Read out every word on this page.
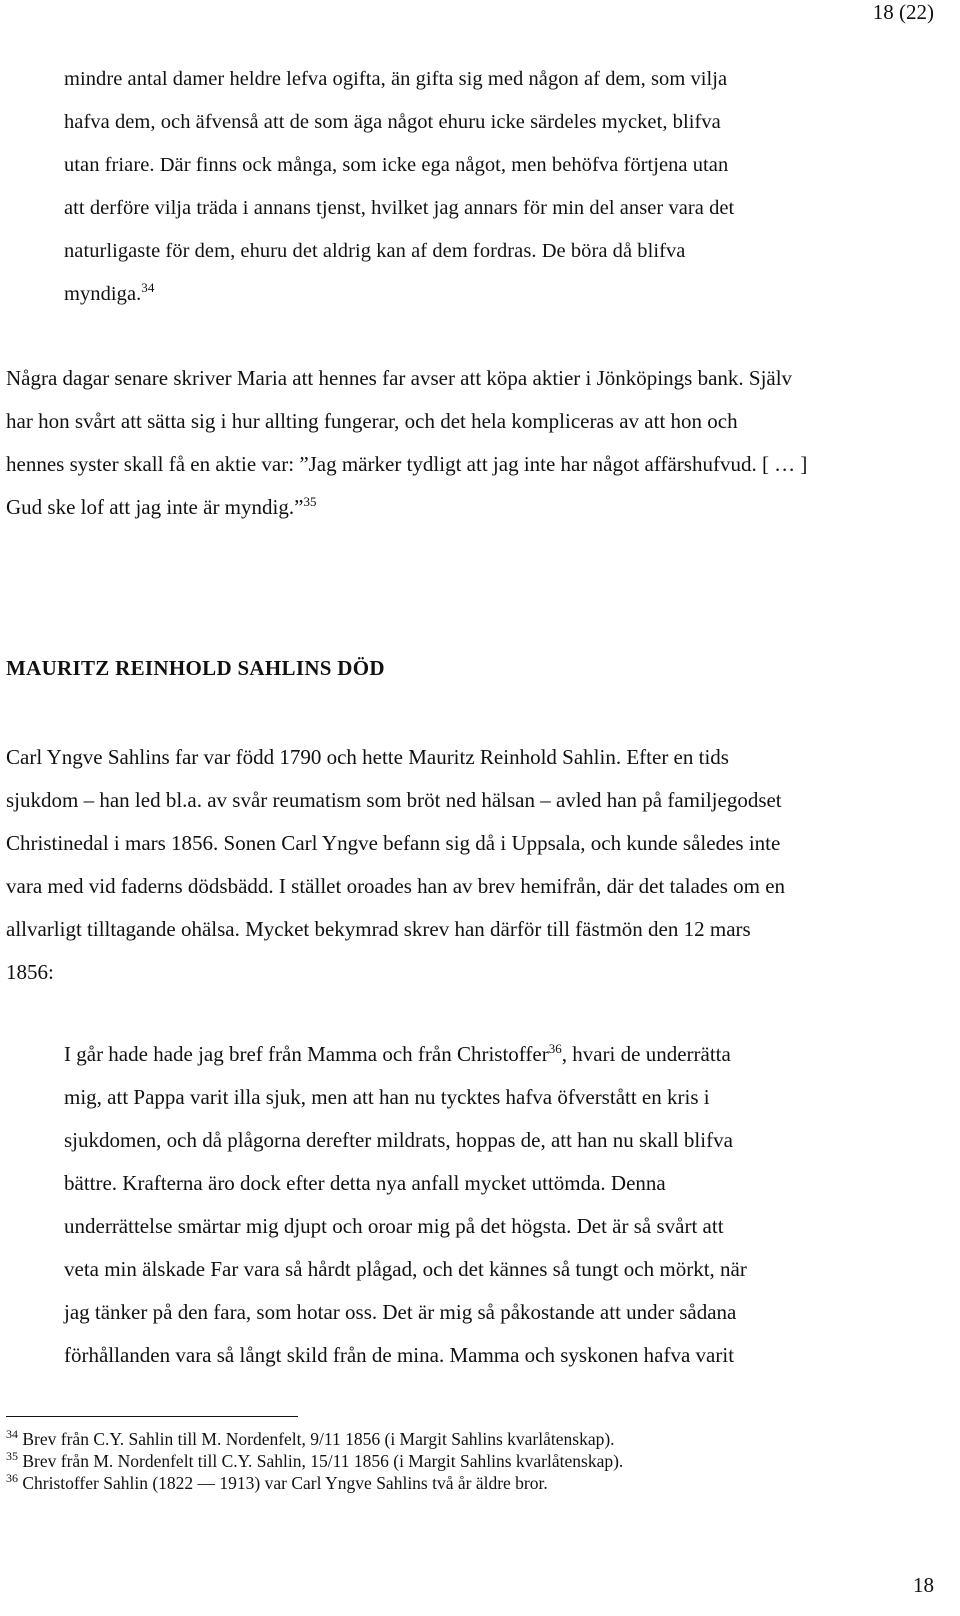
18 (22)
mindre antal damer heldre lefva ogifta, än gifta sig med någon af dem, som vilja
hafva dem, och äfvenså att de som äga något ehuru icke särdeles mycket, blifva
utan friare. Där finns ock många, som icke ega något, men behöfva förtjena utan
att derföre vilja träda i annans tjenst, hvilket jag annars för min del anser vara det
naturligaste för dem, ehuru det aldrig kan af dem fordras. De böra då blifva
myndiga.$^{34}$
Några dagar senare skriver Maria att hennes far avser att köpa aktier i Jönköpings bank. Själv
har hon svårt att sätta sig i hur allting fungerar, och det hela kompliceras av att hon och
hennes syster skall få en aktie var: ”Jag märker tydligt att jag inte har något affärshufvud. [ … ]
Gud ske lof att jag inte är myndig.”$^{35}$
MAURITZ REINHOLD SAHLINS DÖD
Carl Yngve Sahlins far var född 1790 och hette Mauritz Reinhold Sahlin. Efter en tids
sjukdom – han led bl.a. av svår reumatism som bröt ned hälsan – avled han på familjegodset
Christinedal i mars 1856. Sonen Carl Yngve befann sig då i Uppsala, och kunde således inte
vara med vid faderns dödsbädd. I stället oroades han av brev hemifrån, där det talades om en
allvarligt tilltagande ohälsa. Mycket bekymrad skrev han därför till fästmön den 12 mars
1856:
I går hade hade jag bref från Mamma och från Christoffer$^{36}$, hvari de underrätta
mig, att Pappa varit illa sjuk, men att han nu tycktes hafva öfverstått en kris i
sjukdomen, och då plågorna derefter mildrats, hoppas de, att han nu skall blifva
bättre. Krafterna äro dock efter detta nya anfall mycket uttömda. Denna
underrättelse smärtar mig djupt och oroar mig på det högsta. Det är så svårt att
veta min älskade Far vara så hårdt plågad, och det kännes så tungt och mörkt, när
jag tänker på den fara, som hotar oss. Det är mig så påkostande att under sådana
förhållanden vara så långt skild från de mina. Mamma och syskonen hafva varit
$^{34}$ Brev från C.Y. Sahlin till M. Nordenfelt, 9/11 1856 (i Margit Sahlins kvarlåtenskap).
$^{35}$ Brev från M. Nordenfelt till C.Y. Sahlin, 15/11 1856 (i Margit Sahlins kvarlåtenskap).
$^{36}$ Christoffer Sahlin (1822 — 1913) var Carl Yngve Sahlins två år äldre bror.
18
